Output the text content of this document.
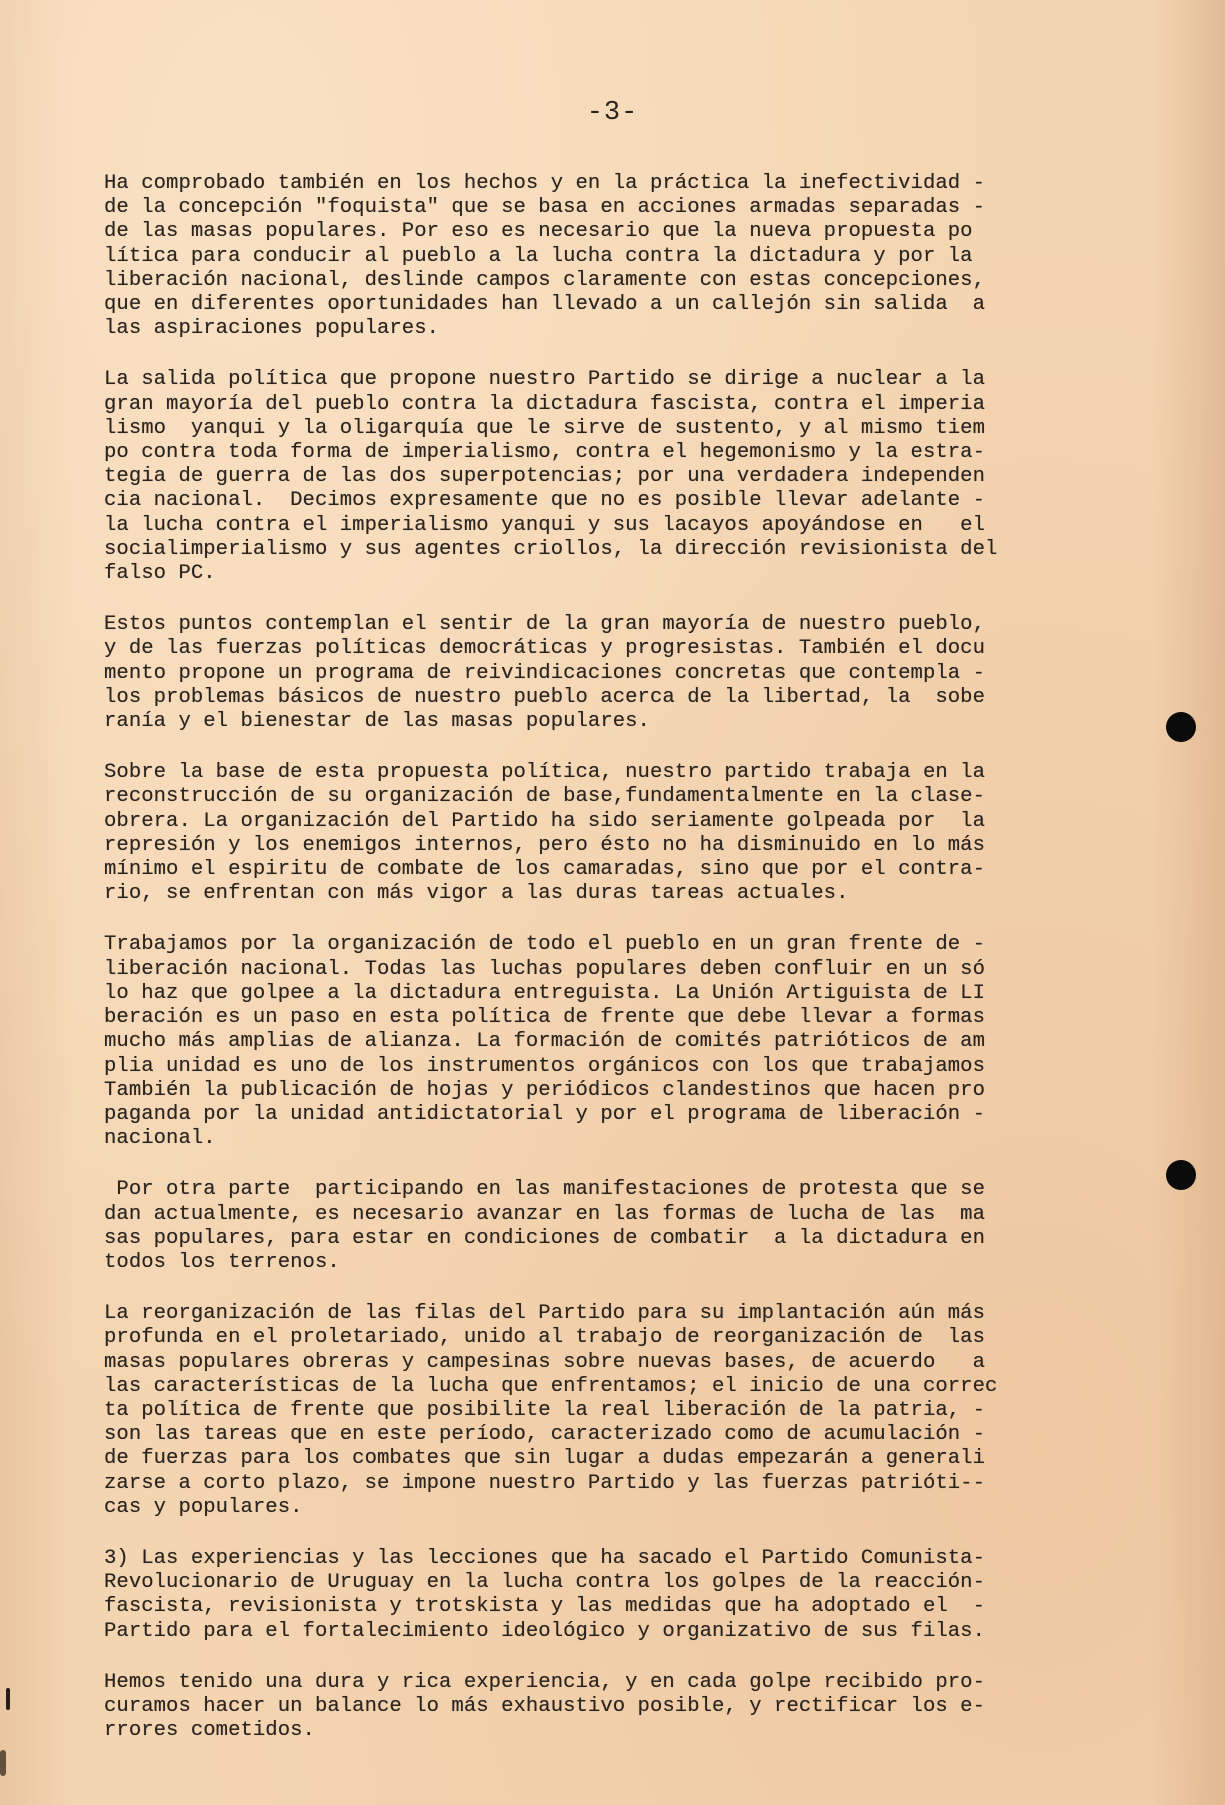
-3-
Ha comprobado también en los hechos y en la práctica la inefectividad -
de la concepción "foquista" que se basa en acciones armadas separadas -
de las masas populares. Por eso es necesario que la nueva propuesta po
lítica para conducir al pueblo a la lucha contra la dictadura y por la
liberación nacional, deslinde campos claramente con estas concepciones,
que en diferentes oportunidades han llevado a un callejón sin salida  a
las aspiraciones populares.
La salida política que propone nuestro Partido se dirige a nuclear a la
gran mayoría del pueblo contra la dictadura fascista, contra el imperia
lismo  yanqui y la oligarquía que le sirve de sustento, y al mismo tiem
po contra toda forma de imperialismo, contra el hegemonismo y la estra-
tegia de guerra de las dos superpotencias; por una verdadera independen
cia nacional.  Decimos expresamente que no es posible llevar adelante -
la lucha contra el imperialismo yanqui y sus lacayos apoyándose en   el
socialimperialismo y sus agentes criollos, la dirección revisionista del
falso PC.
Estos puntos contemplan el sentir de la gran mayoría de nuestro pueblo,
y de las fuerzas políticas democráticas y progresistas. También el docu
mento propone un programa de reivindicaciones concretas que contempla -
los problemas básicos de nuestro pueblo acerca de la libertad, la  sobe
ranía y el bienestar de las masas populares.
Sobre la base de esta propuesta política, nuestro partido trabaja en la
reconstrucción de su organización de base,fundamentalmente en la clase-
obrera. La organización del Partido ha sido seriamente golpeada por  la
represión y los enemigos internos, pero ésto no ha disminuido en lo más
mínimo el espiritu de combate de los camaradas, sino que por el contra-
rio, se enfrentan con más vigor a las duras tareas actuales.
Trabajamos por la organización de todo el pueblo en un gran frente de -
liberación nacional. Todas las luchas populares deben confluir en un só
lo haz que golpee a la dictadura entreguista. La Unión Artiguista de LI
beración es un paso en esta política de frente que debe llevar a formas
mucho más amplias de alianza. La formación de comités patrióticos de am
plia unidad es uno de los instrumentos orgánicos con los que trabajamos
También la publicación de hojas y periódicos clandestinos que hacen pro
paganda por la unidad antidictatorial y por el programa de liberación -
nacional.
Por otra parte  participando en las manifestaciones de protesta que se
dan actualmente, es necesario avanzar en las formas de lucha de las  ma
sas populares, para estar en condiciones de combatir  a la dictadura en
todos los terrenos.
La reorganización de las filas del Partido para su implantación aún más
profunda en el proletariado, unido al trabajo de reorganización de  las
masas populares obreras y campesinas sobre nuevas bases, de acuerdo   a
las características de la lucha que enfrentamos; el inicio de una correc
ta política de frente que posibilite la real liberación de la patria, -
son las tareas que en este período, caracterizado como de acumulación -
de fuerzas para los combates que sin lugar a dudas empezarán a generali
zarse a corto plazo, se impone nuestro Partido y las fuerzas patrióti--
cas y populares.
3) Las experiencias y las lecciones que ha sacado el Partido Comunista-
Revolucionario de Uruguay en la lucha contra los golpes de la reacción-
fascista, revisionista y trotskista y las medidas que ha adoptado el  -
Partido para el fortalecimiento ideológico y organizativo de sus filas.
Hemos tenido una dura y rica experiencia, y en cada golpe recibido pro-
curamos hacer un balance lo más exhaustivo posible, y rectificar los e-
rrores cometidos.
